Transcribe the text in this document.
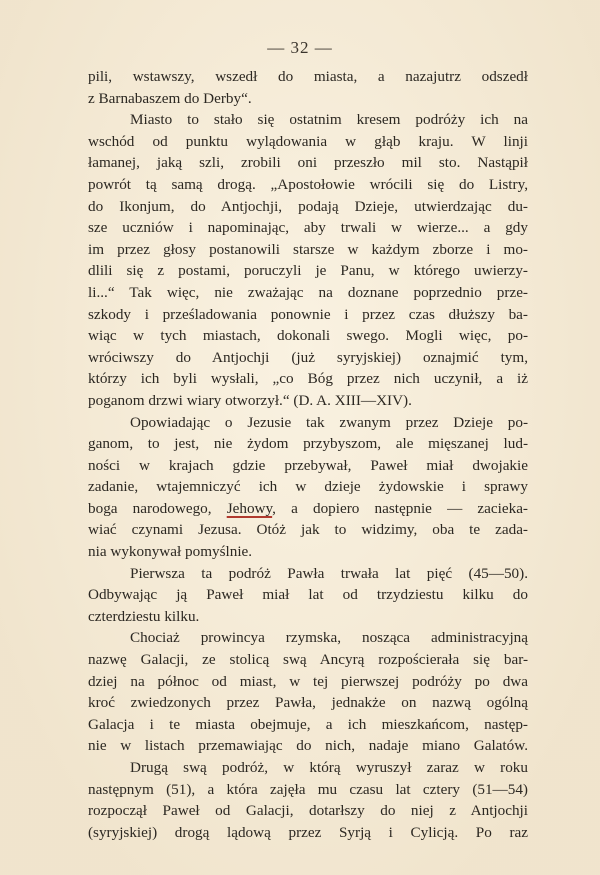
— 32 —
pili, wstawszy, wszedł do miasta, a nazajutrz odszedł
z Barnabaszem do Derby“.
Miasto to stało się ostatnim kresem podróży ich na
wschód od punktu wylądowania w głąb kraju. W linji
łamanej, jaką szli, zrobili oni przeszło mil sto. Nastąpił
powrót tą samą drogą. „Apostołowie wrócili się do Listry,
do Ikonjum, do Antjochji, podają Dzieje, utwierdzając du-
sze uczniów i napominając, aby trwali w wierze... a gdy
im przez głosy postanowili starsze w każdym zborze i mo-
dlili się z postami, poruczyli je Panu, w którego uwierzy-
li...“ Tak więc, nie zważając na doznane poprzednio prze-
szkody i prześladowania ponownie i przez czas dłuższy ba-
wiąc w tych miastach, dokonali swego. Mogli więc, po-
wróciwszy do Antjochji (już syryjskiej) oznajmić tym,
którzy ich byli wysłali, „co Bóg przez nich uczynił, a iż
poganom drzwi wiary otworzył.“ (D. A. XIII—XIV).
Opowiadając o Jezusie tak zwanym przez Dzieje po-
ganom, to jest, nie żydom przybyszom, ale mięszanej lud-
ności w krajach gdzie przebywał, Paweł miał dwojakie
zadanie, wtajemniczyć ich w dzieje żydowskie i sprawy
boga narodowego, Jehowy, a dopiero następnie — zacieka-
wiać czynami Jezusa. Otóż jak to widzimy, oba te zada-
nia wykonywał pomyślnie.
Pierwsza ta podróż Pawła trwała lat pięć (45—50).
Odbywając ją Paweł miał lat od trzydziestu kilku do
czterdziestu kilku.
Chociaż prowincya rzymska, nosząca administracyjną
nazwę Galacji, ze stolicą swą Ancyrą rozpościerała się bar-
dziej na północ od miast, w tej pierwszej podróży po dwa
kroć zwiedzonych przez Pawła, jednakże on nazwą ogólną
Galacja i te miasta obejmuje, a ich mieszkańcom, następ-
nie w listach przemawiając do nich, nadaje miano Galatów.
Drugą swą podróż, w którą wyruszył zaraz w roku
następnym (51), a która zajęła mu czasu lat cztery (51—54)
rozpoczął Paweł od Galacji, dotarłszy do niej z Antjochji
(syryjskiej) drogą lądową przez Syrją i Cylicją. Po raz
